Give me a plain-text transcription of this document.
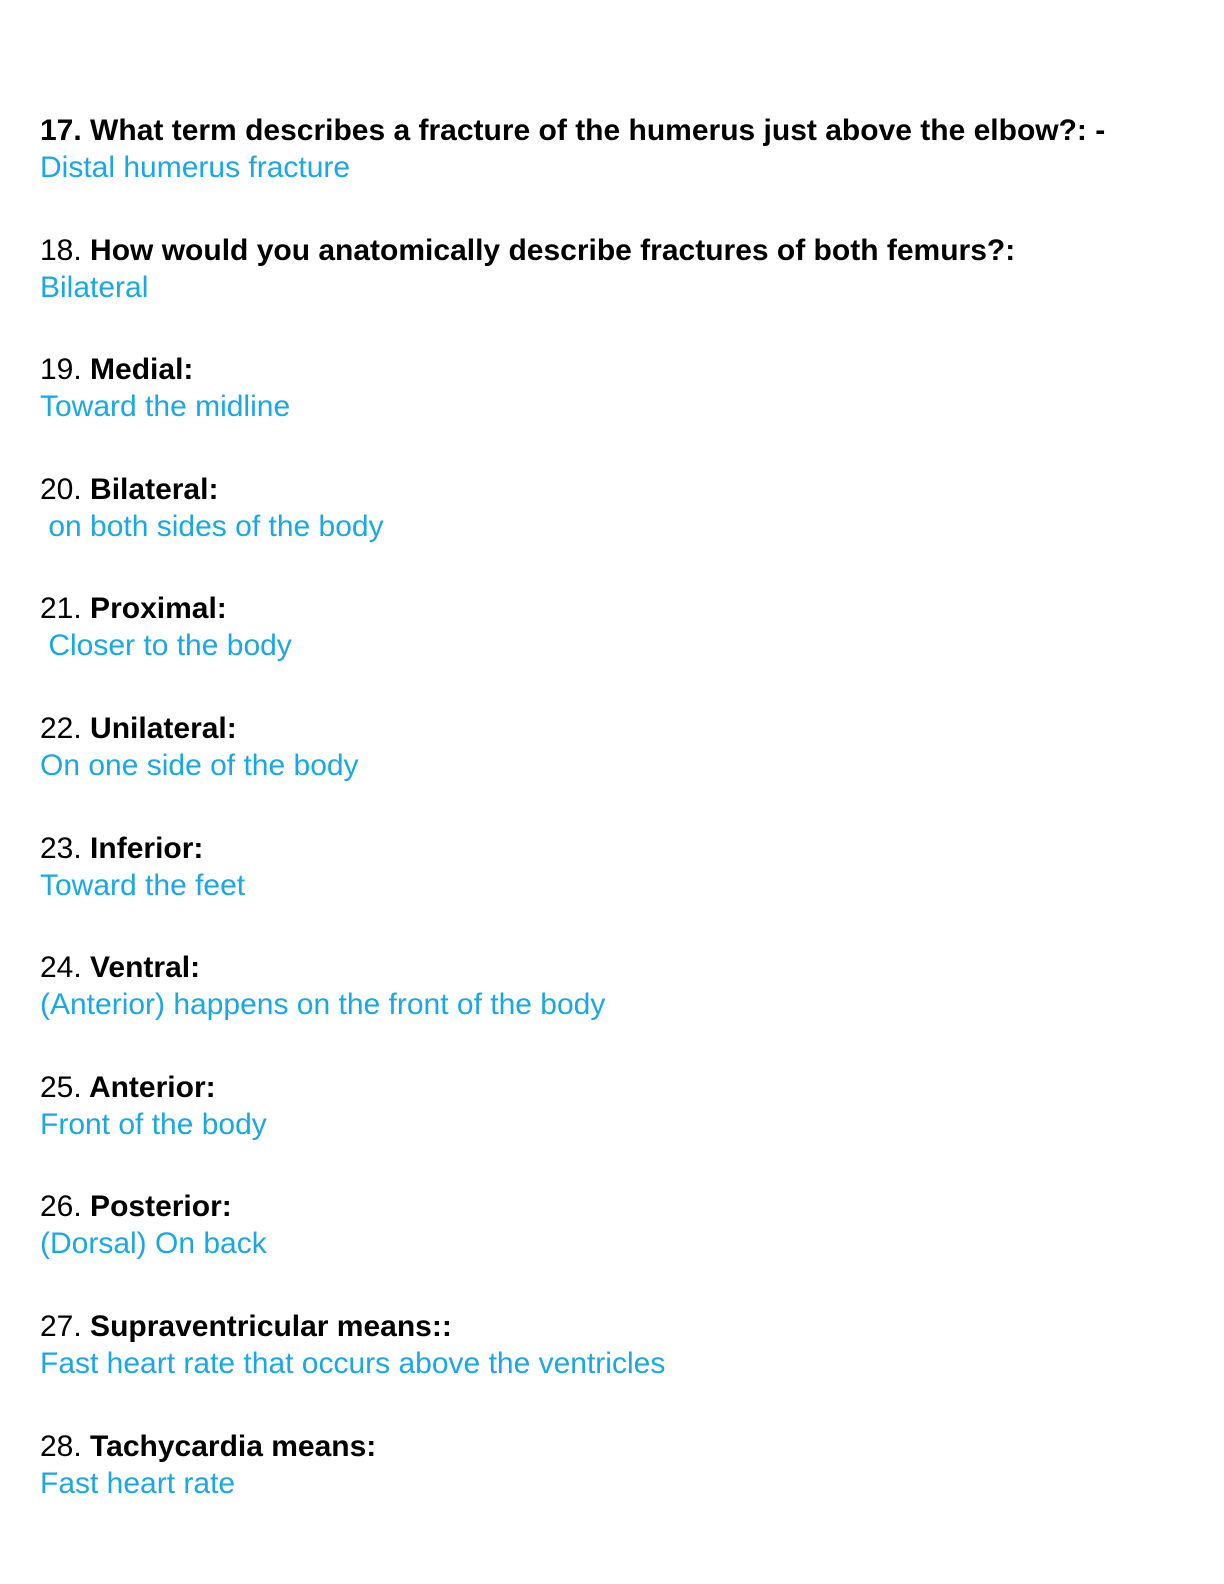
17. What term describes a fracture of the humerus just above the elbow?: -
Distal humerus fracture
18. How would you anatomically describe fractures of both femurs?:
Bilateral
19. Medial:
Toward the midline
20. Bilateral:
on both sides of the body
21. Proximal:
Closer to the body
22. Unilateral:
On one side of the body
23. Inferior:
Toward the feet
24. Ventral:
(Anterior) happens on the front of the body
25. Anterior:
Front of the body
26. Posterior:
(Dorsal) On back
27. Supraventricular means::
Fast heart rate that occurs above the ventricles
28. Tachycardia means:
Fast heart rate
